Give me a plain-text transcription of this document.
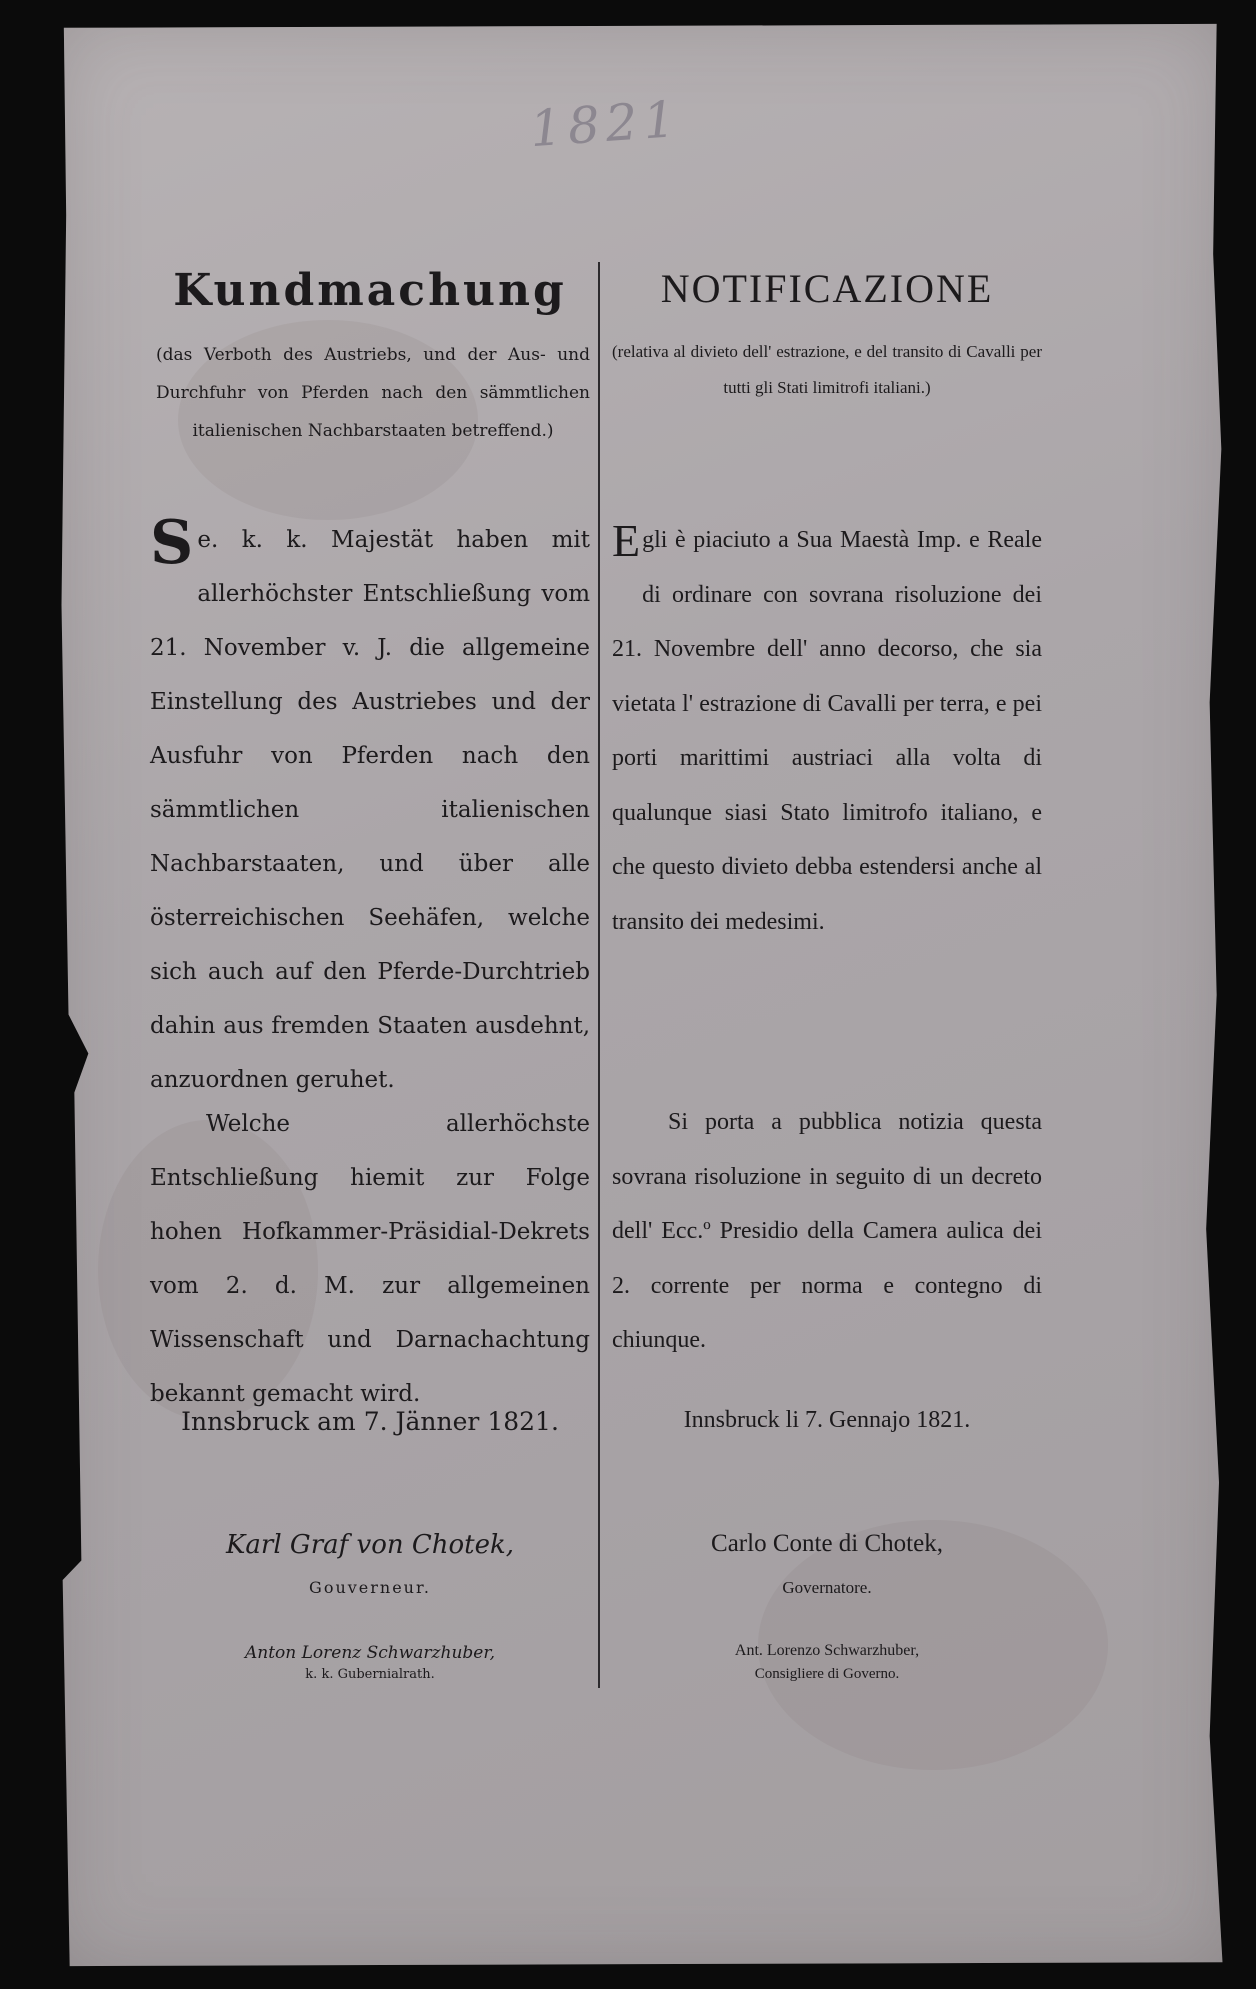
1821
Kundmachung
(das Verboth des Austriebs, und der Aus- und Durchfuhr von Pferden nach den sämmtlichen italienischen Nachbarstaaten betreffend.)
Se. k. k. Majestät haben mit allerhöchster Entschließung vom 21. November v. J. die allgemeine Einstellung des Austriebes und der Ausfuhr von Pferden nach den sämmtlichen italienischen Nachbarstaaten, und über alle österreichischen Seehäfen, welche sich auch auf den Pferde-Durchtrieb dahin aus fremden Staaten ausdehnt, anzuordnen geruhet.
Welche allerhöchste Entschließung hiemit zur Folge hohen Hofkammer-Präsidial-Dekrets vom 2. d. M. zur allgemeinen Wissenschaft und Darnachachtung bekannt gemacht wird.
Innsbruck am 7. Jänner 1821.
Karl Graf von Chotek,
Gouverneur.
Anton Lorenz Schwarzhuber,
k. k. Gubernialrath.
NOTIFICAZIONE
(relativa al divieto dell' estrazione, e del transito di Cavalli per tutti gli Stati limitrofi italiani.)
Egli è piaciuto a Sua Maestà Imp. e Reale di ordinare con sovrana risoluzione dei 21. Novembre dell' anno decorso, che sia vietata l' estrazione di Cavalli per terra, e pei porti marittimi austriaci alla volta di qualunque siasi Stato limitrofo italiano, e che questo divieto debba estendersi anche al transito dei medesimi.
Si porta a pubblica notizia questa sovrana risoluzione in seguito di un decreto dell' Ecc.º Presidio della Camera aulica dei 2. corrente per norma e contegno di chiunque.
Innsbruck li 7. Gennajo 1821.
Carlo Conte di Chotek,
Governatore.
Ant. Lorenzo Schwarzhuber,
Consigliere di Governo.
